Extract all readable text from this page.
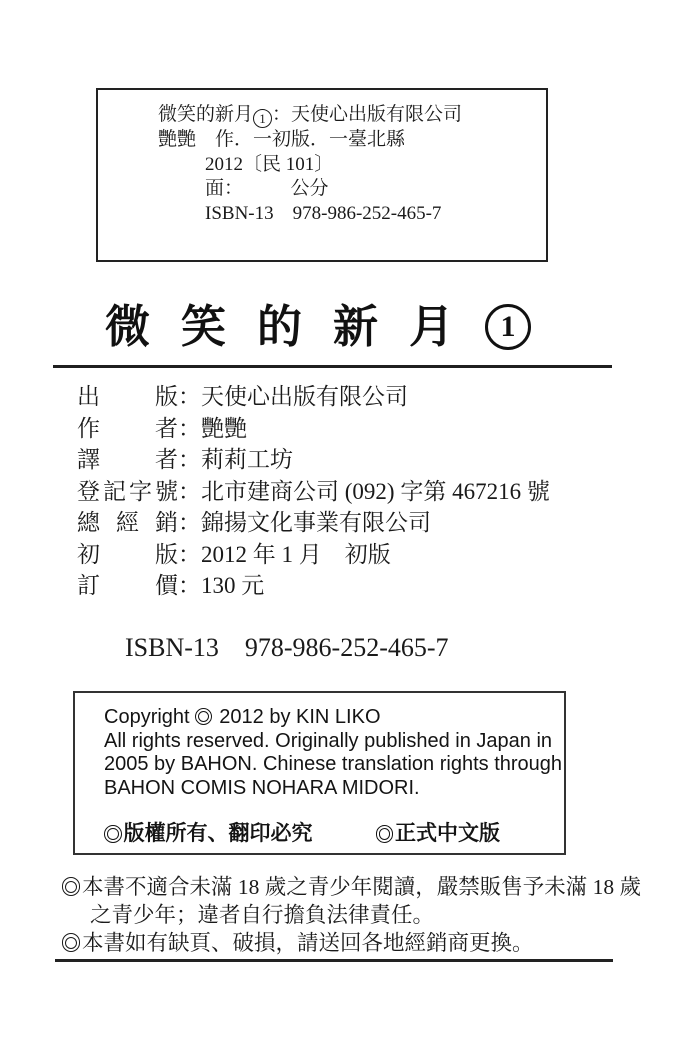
微笑的新月 1 ：天使心出版有限公司
艷艷　作．一初版．一臺北縣
2012〔民 101〕
面：　　　公分
ISBN-13  978-986-252-465-7
微笑的新月 1
出版：天使心出版有限公司
作者：艷艷
譯者：莉莉工坊
登記字號：北市建商公司 (092) 字第 467216 號
總經銷：錦揚文化事業有限公司
初版：2012 年 1 月　初版
訂價：130 元
ISBN-13  978-986-252-465-7
Copyright  2012 by KIN LIKO
All rights reserved. Originally published in Japan in
2005 by BAHON. Chinese translation rights through
BAHON COMIS NOHARA MIDORI.
版權所有、翻印必究	正式中文版
本書不適合未滿 18 歲之青少年閱讀，嚴禁販售予未滿 18 歲
之青少年；違者自行擔負法律責任。
本書如有缺頁、破損，請送回各地經銷商更換。
